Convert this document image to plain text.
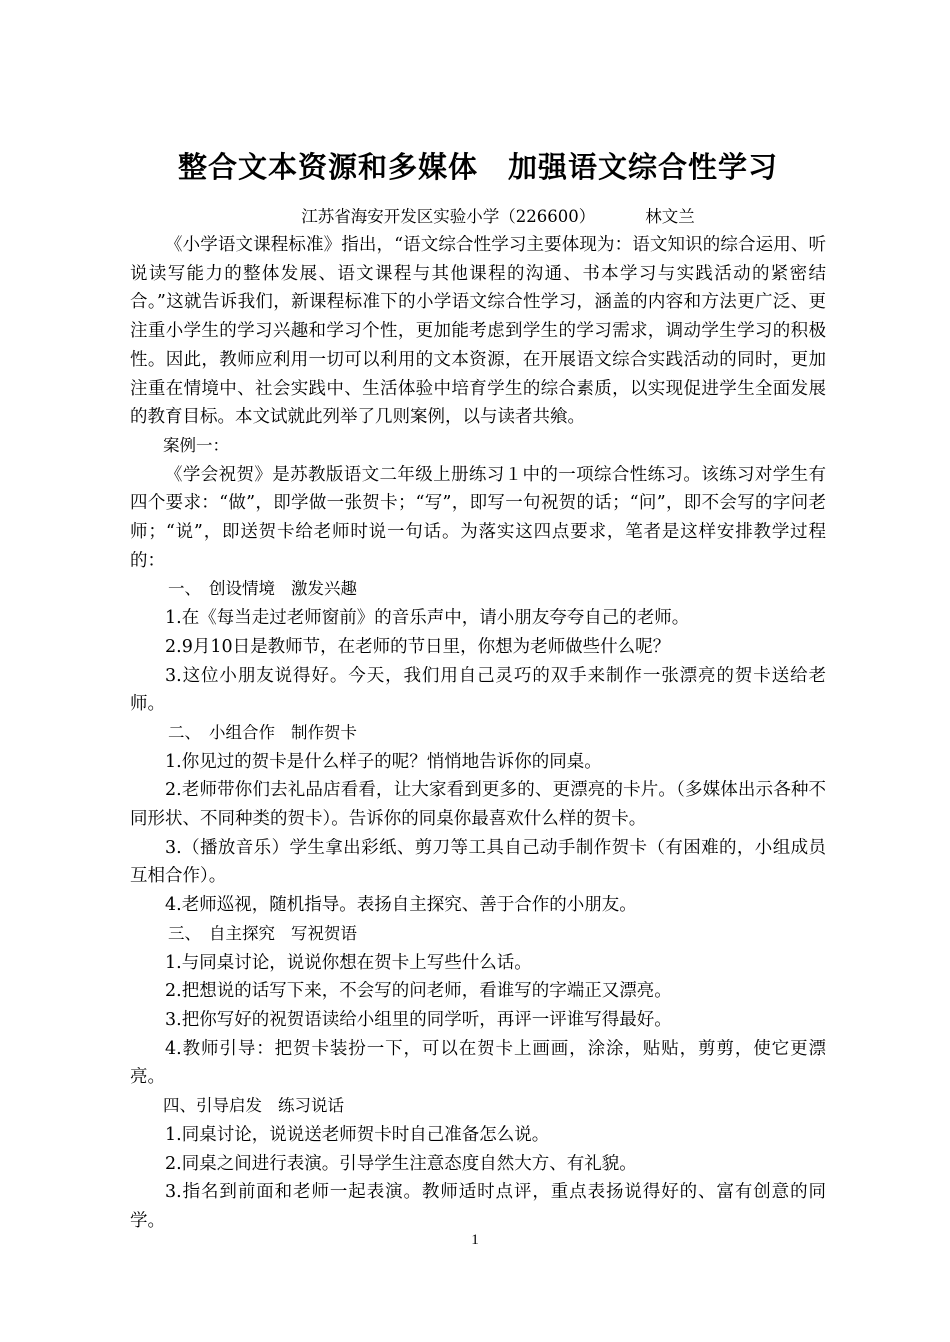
整合文本资源和多媒体　加强语文综合性学习
江苏省海安开发区实验小学（226600）	林文兰

《小学语文课程标准》指出，“语文综合性学习主要体现为：语文知识的综合运用、听说读写能力的整体发展、语文课程与其他课程的沟通、书本学习与实践活动的紧密结合。”这就告诉我们，新课程标准下的小学语文综合性学习，涵盖的内容和方法更广泛、更注重小学生的学习兴趣和学习个性，更加能考虑到学生的学习需求，调动学生学习的积极性。因此，教师应利用一切可以利用的文本资源，在开展语文综合实践活动的同时，更加注重在情境中、社会实践中、生活体验中培育学生的综合素质，以实现促进学生全面发展的教育目标。本文试就此列举了几则案例，以与读者共飨。

案例一：

《学会祝贺》是苏教版语文二年级上册练习１中的一项综合性练习。该练习对学生有四个要求：“做”，即学做一张贺卡；“写”，即写一句祝贺的话；“问”，即不会写的字问老师；“说”，即送贺卡给老师时说一句话。为落实这四点要求，笔者是这样安排教学过程的：

一、 创设情境 激发兴趣

1.在《每当走过老师窗前》的音乐声中，请小朋友夸夸自己的老师。

2.9月10日是教师节，在老师的节日里，你想为老师做些什么呢？

3.这位小朋友说得好。今天，我们用自己灵巧的双手来制作一张漂亮的贺卡送给老师。

二、 小组合作 制作贺卡

1.你见过的贺卡是什么样子的呢？悄悄地告诉你的同桌。

2.老师带你们去礼品店看看，让大家看到更多的、更漂亮的卡片。（多媒体出示各种不同形状、不同种类的贺卡）。告诉你的同桌你最喜欢什么样的贺卡。

3.（播放音乐）学生拿出彩纸、剪刀等工具自己动手制作贺卡（有困难的，小组成员互相合作）。

4.老师巡视，随机指导。表扬自主探究、善于合作的小朋友。

三、 自主探究 写祝贺语

1.与同桌讨论，说说你想在贺卡上写些什么话。

2.把想说的话写下来，不会写的问老师，看谁写的字端正又漂亮。

3.把你写好的祝贺语读给小组里的同学听，再评一评谁写得最好。

4.教师引导：把贺卡装扮一下，可以在贺卡上画画，涂涂，贴贴，剪剪，使它更漂亮。

四、引导启发 练习说话

1.同桌讨论，说说送老师贺卡时自己准备怎么说。

2.同桌之间进行表演。引导学生注意态度自然大方、有礼貌。

3.指名到前面和老师一起表演。教师适时点评，重点表扬说得好的、富有创意的同学。

1
